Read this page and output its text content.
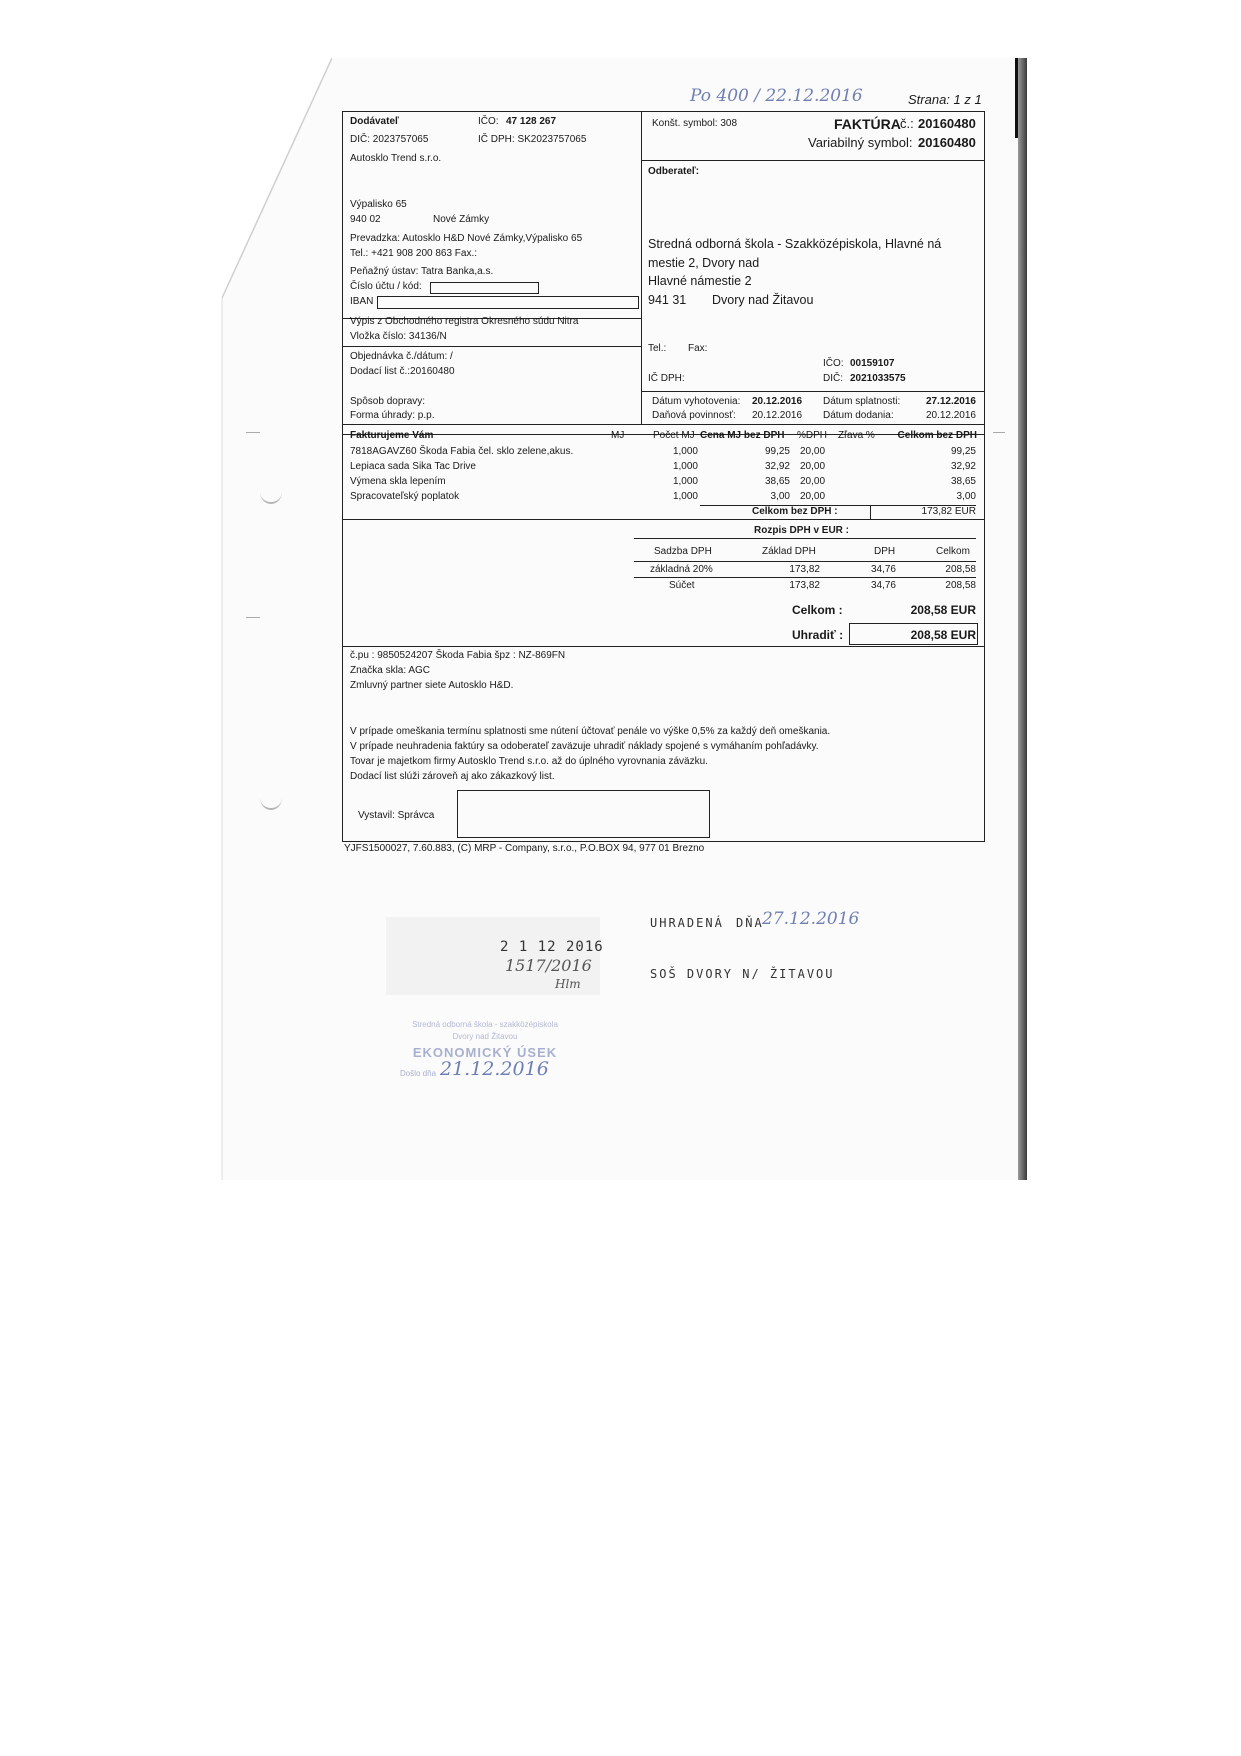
Po 400 / 22.12.2016	Strana: 1 z 1
Dodávateľ	IČO: 47 128 267
DIČ: 2023757065	IČ DPH: SK2023757065
Autosklo Trend s.r.o.
Výpalisko 65
940 02	Nové Zámky
Prevadzka: Autosklo H&D Nové Zámky,Výpalisko 65
Tel.: +421 908 200 863 Fax.:
Peňažný ústav: Tatra Banka,a.s.
Číslo účtu / kód:
IBAN
Výpis z Obchodného registra Okresného súdu Nitra
Vložka číslo: 34136/N
Objednávka č./dátum: /
Dodací list č.:20160480
Spôsob dopravy:
Forma úhrady: p.p.
Konšt. symbol: 308	FAKTÚRA č.: 20160480
Variabilný symbol: 20160480
Odberateľ:
Stredná odborná škola - Szakközépiskola, Hlavné ná
mestie 2, Dvory nad
Hlavné námestie 2
941 31 Dvory nad Žitavou
Tel.: Fax:
IČO: 00159107
IČ DPH:	DIČ: 2021033575
Dátum vyhotovenia: 20.12.2016 Dátum splatnosti:	27.12.2016
Daňová povinnosť: 20.12.2016 Dátum dodania:	20.12.2016
Fakturujeme Vám	MJ	Počet MJ Cena MJ bez DPH %DPH Zľava %	Celkom bez DPH
7818AGAVZ60 Škoda Fabia čel. sklo zelene,akus.	1,000	99,25 20,00	99,25
Lepiaca sada Sika Tac Drive	1,000	32,92 20,00	32,92
Výmena skla lepením	1,000	38,65 20,00	38,65
Spracovateľský poplatok	1,000	3,00 20,00	3,00
Celkom bez DPH :	173,82 EUR
Rozpis DPH v EUR :
Sadzba DPH	Základ DPH	DPH	Celkom
základná 20%	173,82	34,76	208,58
Súčet	173,82	34,76	208,58
Celkom :	208,58 EUR
Uhradiť :	208,58 EUR
č.pu : 9850524207 Škoda Fabia špz : NZ-869FN
Značka skla: AGC
Zmluvný partner siete Autosklo H&D.
V prípade omeškania termínu splatnosti sme nútení účtovať penále vo výške 0,5% za každý deň omeškania.
V prípade neuhradenia faktúry sa odoberateľ zaväzuje uhradiť náklady spojené s vymáhaním pohľadávky.
Tovar je majetkom firmy Autosklo Trend s.r.o. až do úplného vyrovnania záväzku.
Dodací list slúži zároveň aj ako zákazkový list.
Vystavil: Správca
YJFS1500027, 7.60.883, (C) MRP - Company, s.r.o., P.O.BOX 94, 977 01 Brezno
2 1 12 2016
1517/2016
Hlm
UHRADENÁ DŇA
27.12.2016
SOŠ DVORY N/ ŽITAVOU
Stredná odborná škola - szakközépiskola
Dvory nad Žitavou
EKONOMICKÝ ÚSEK
Došlo dňa 21.12.2016
